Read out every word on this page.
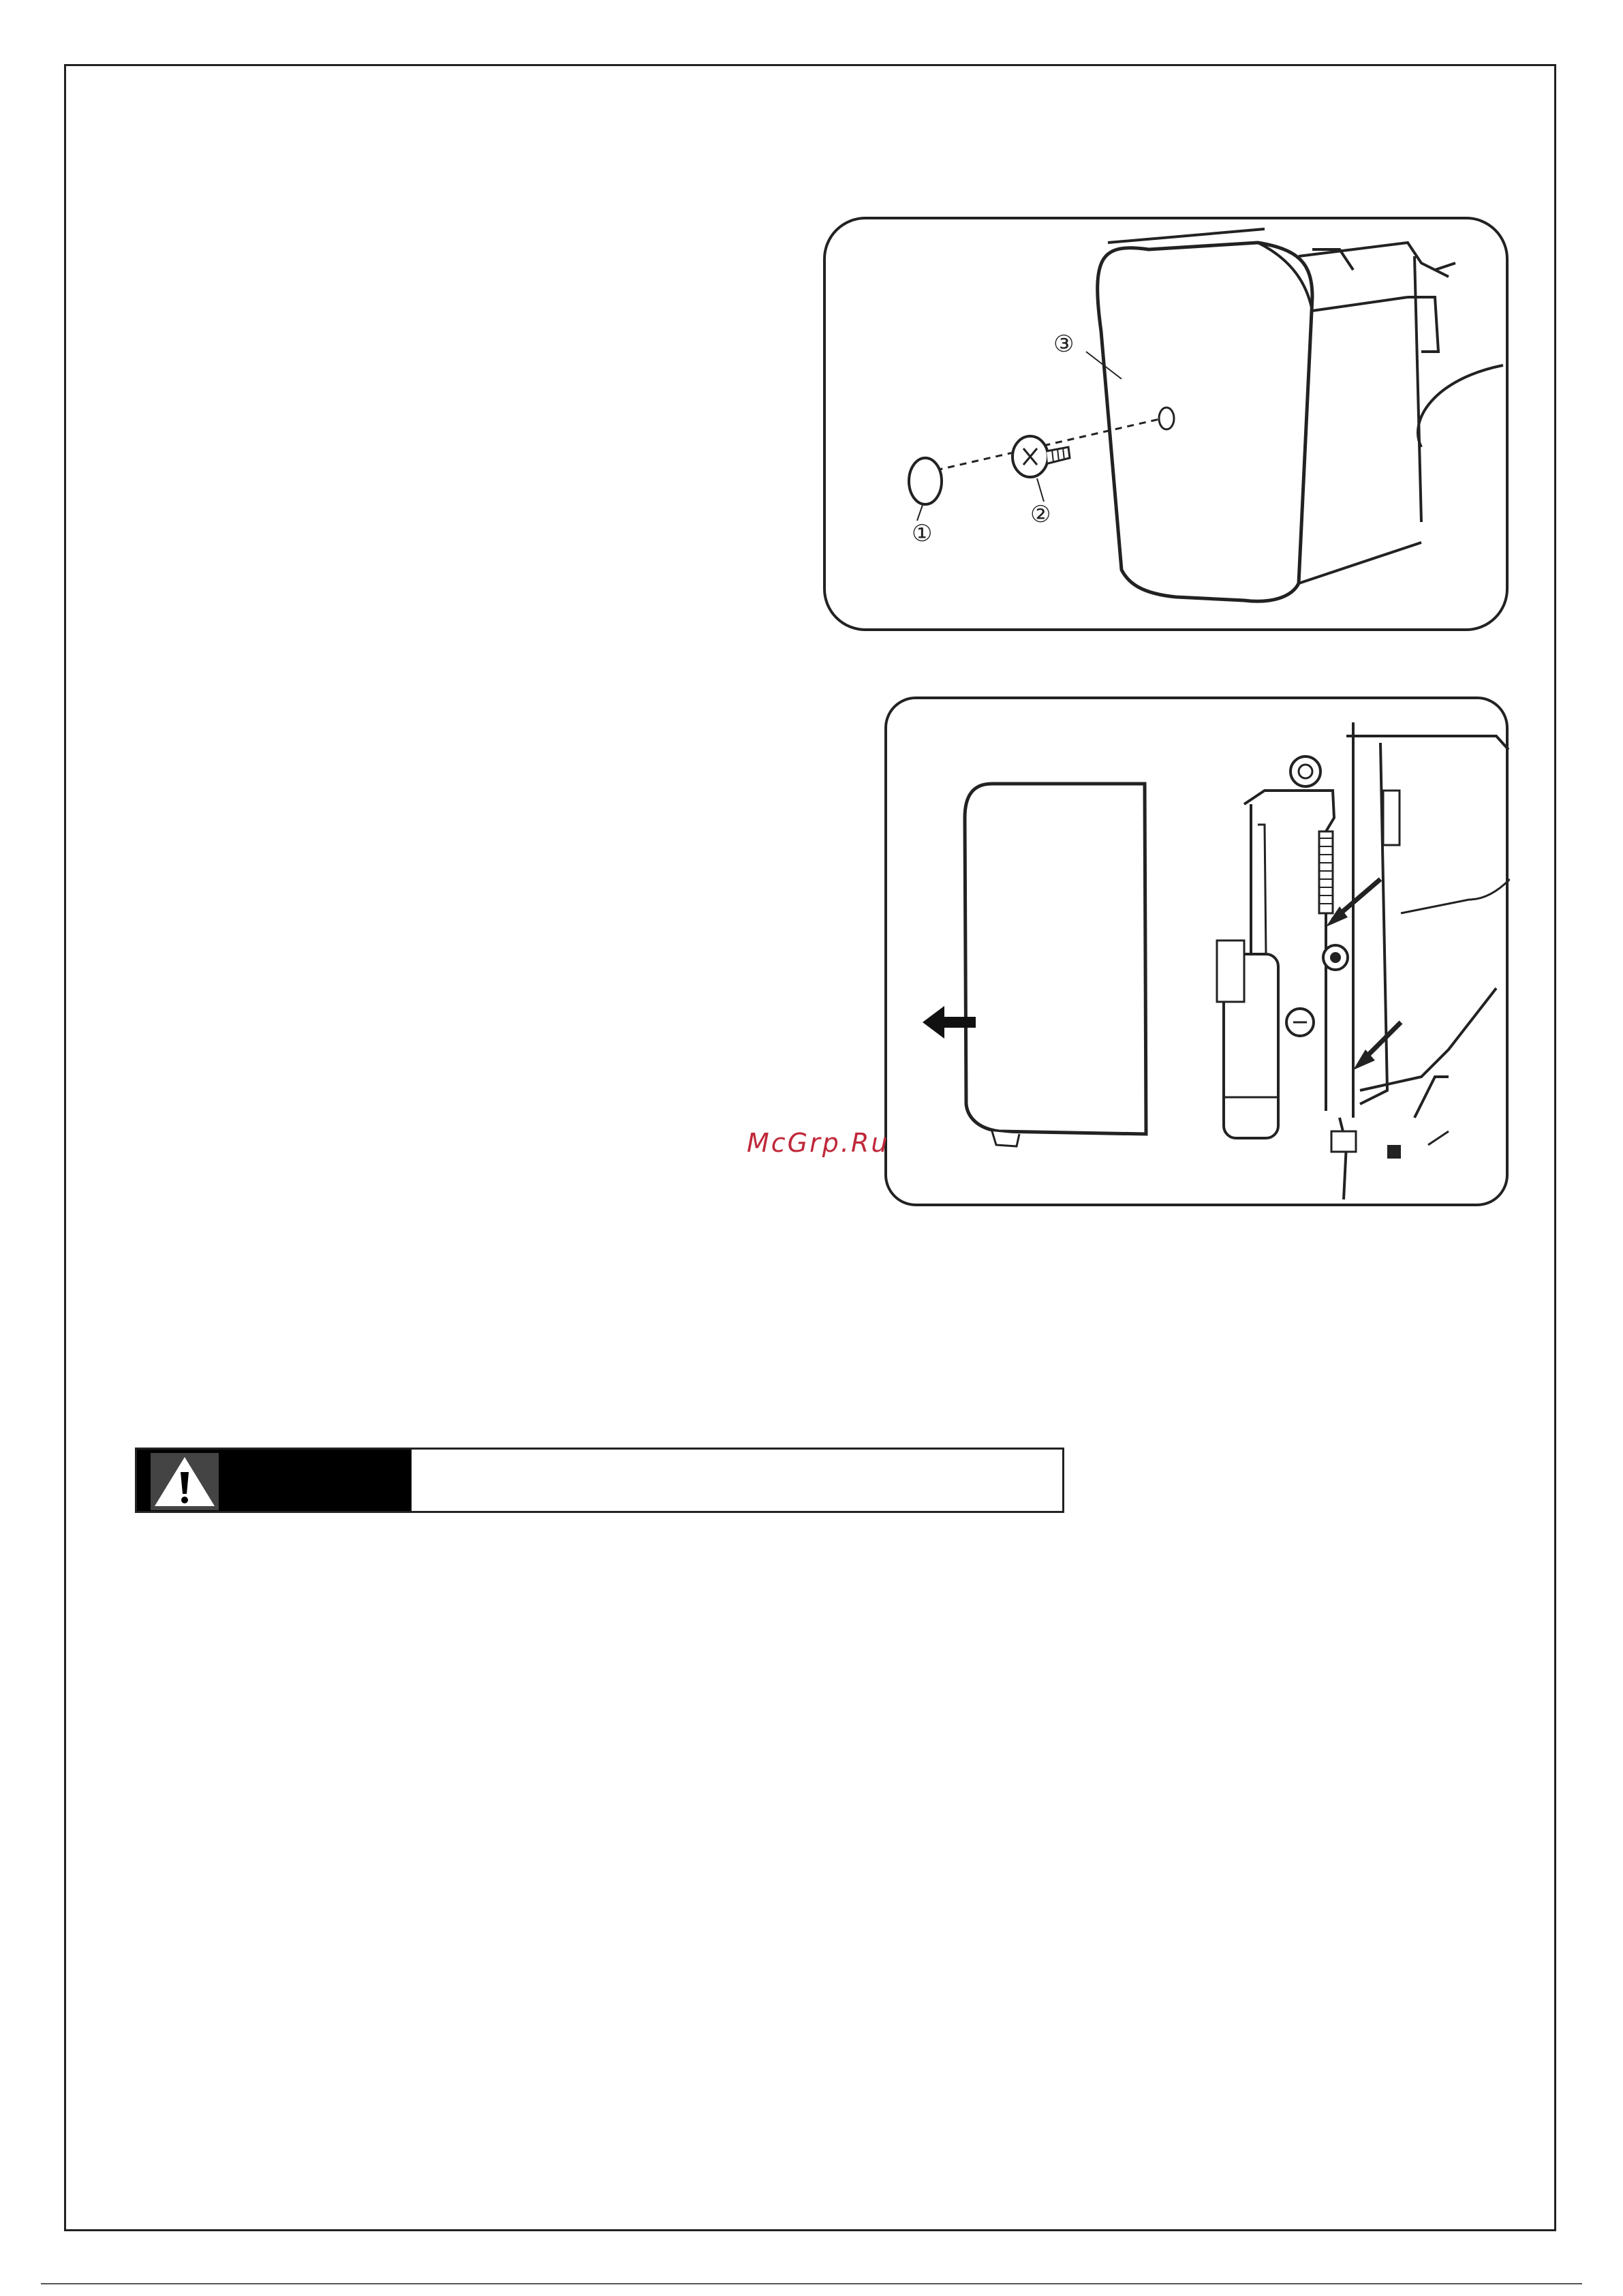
①
②
③
McGrp.Ru
